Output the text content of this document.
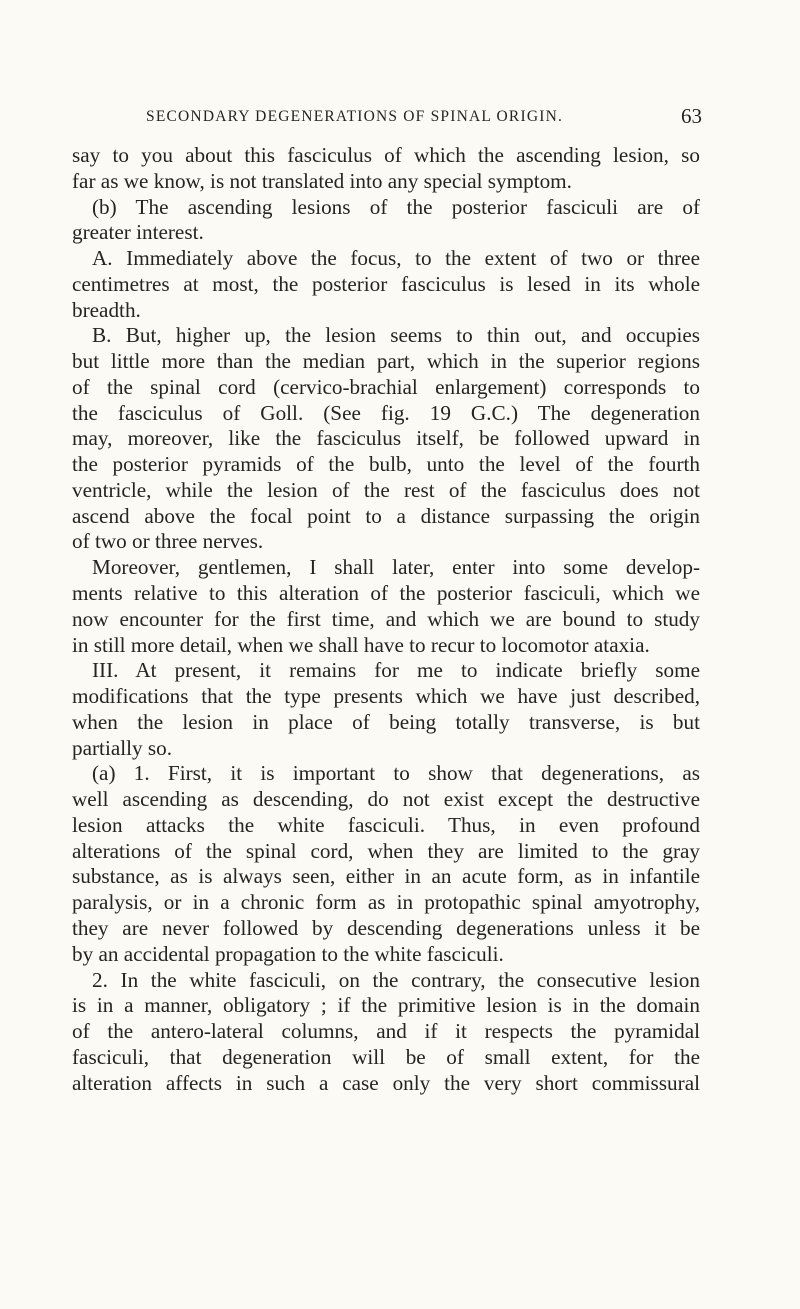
SECONDARY DEGENERATIONS OF SPINAL ORIGIN.	63
say to you about this fasciculus of which the ascending lesion, so
far as we know, is not translated into any special symptom.
(b) The ascending lesions of the posterior fasciculi are of
greater interest.
A. Immediately above the focus, to the extent of two or three
centimetres at most, the posterior fasciculus is lesed in its whole
breadth.
B. But, higher up, the lesion seems to thin out, and occupies
but little more than the median part, which in the superior regions
of the spinal cord (cervico-brachial enlargement) corresponds to
the fasciculus of Goll. (See fig. 19 G.C.) The degeneration
may, moreover, like the fasciculus itself, be followed upward in
the posterior pyramids of the bulb, unto the level of the fourth
ventricle, while the lesion of the rest of the fasciculus does not
ascend above the focal point to a distance surpassing the origin
of two or three nerves.
Moreover, gentlemen, I shall later, enter into some develop-
ments relative to this alteration of the posterior fasciculi, which we
now encounter for the first time, and which we are bound to study
in still more detail, when we shall have to recur to locomotor ataxia.
III. At present, it remains for me to indicate briefly some
modifications that the type presents which we have just described,
when the lesion in place of being totally transverse, is but
partially so.
(a) 1. First, it is important to show that degenerations, as
well ascending as descending, do not exist except the destructive
lesion attacks the white fasciculi. Thus, in even profound
alterations of the spinal cord, when they are limited to the gray
substance, as is always seen, either in an acute form, as in infantile
paralysis, or in a chronic form as in protopathic spinal amyotrophy,
they are never followed by descending degenerations unless it be
by an accidental propagation to the white fasciculi.
2. In the white fasciculi, on the contrary, the consecutive lesion
is in a manner, obligatory ; if the primitive lesion is in the domain
of the antero-lateral columns, and if it respects the pyramidal
fasciculi, that degeneration will be of small extent, for the
alteration affects in such a case only the very short commissural
